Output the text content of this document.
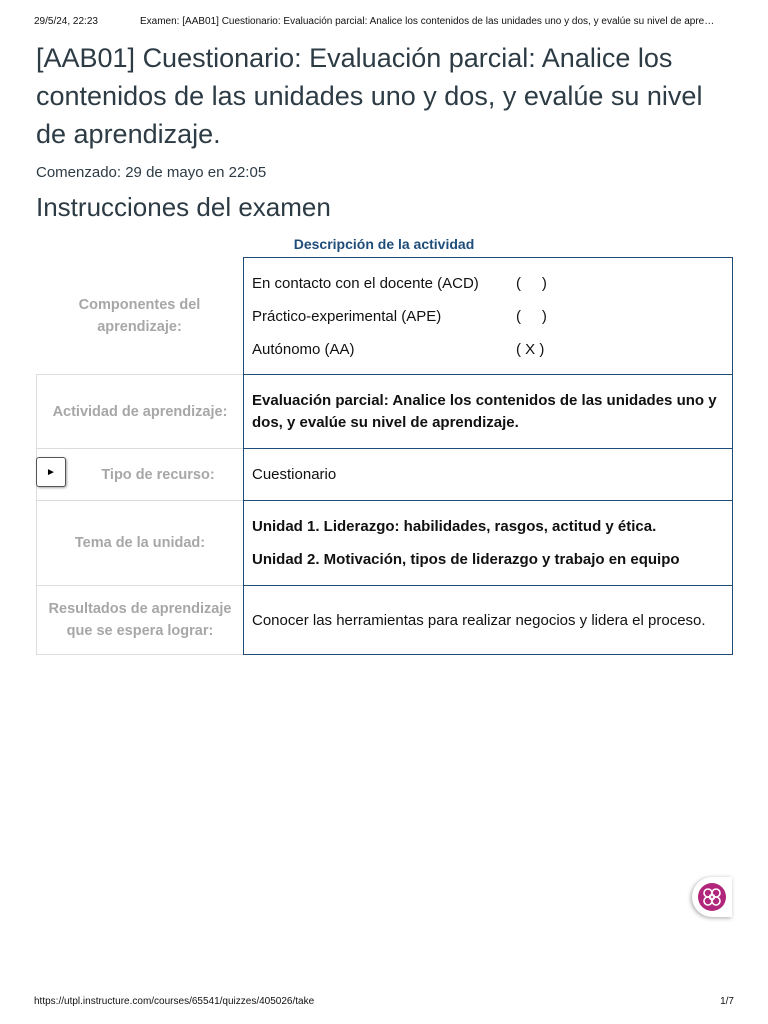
29/5/24, 22:23	Examen: [AAB01] Cuestionario: Evaluación parcial: Analice los contenidos de las unidades uno y dos, y evalúe su nivel de apre…
[AAB01] Cuestionario: Evaluación parcial: Analice los contenidos de las unidades uno y dos, y evalúe su nivel de aprendizaje.
Comenzado: 29 de mayo en 22:05
Instrucciones del examen
Descripción de la actividad
Componentes del aprendizaje:
En contacto con el docente (ACD)	(     )
Práctico-experimental (APE)	(     )
Autónomo (AA)	( X )
Actividad de aprendizaje:
Evaluación parcial: Analice los contenidos de las unidades uno y dos, y evalúe su nivel de aprendizaje.
Tipo de recurso:
►	Cuestionario
Tema de la unidad:
Unidad 1. Liderazgo: habilidades, rasgos, actitud y ética.
Unidad 2. Motivación, tipos de liderazgo y trabajo en equipo
Resultados de aprendizaje que se espera lograr:
Conocer las herramientas para realizar negocios y lidera el proceso.
https://utpl.instructure.com/courses/65541/quizzes/405026/take	1/7
